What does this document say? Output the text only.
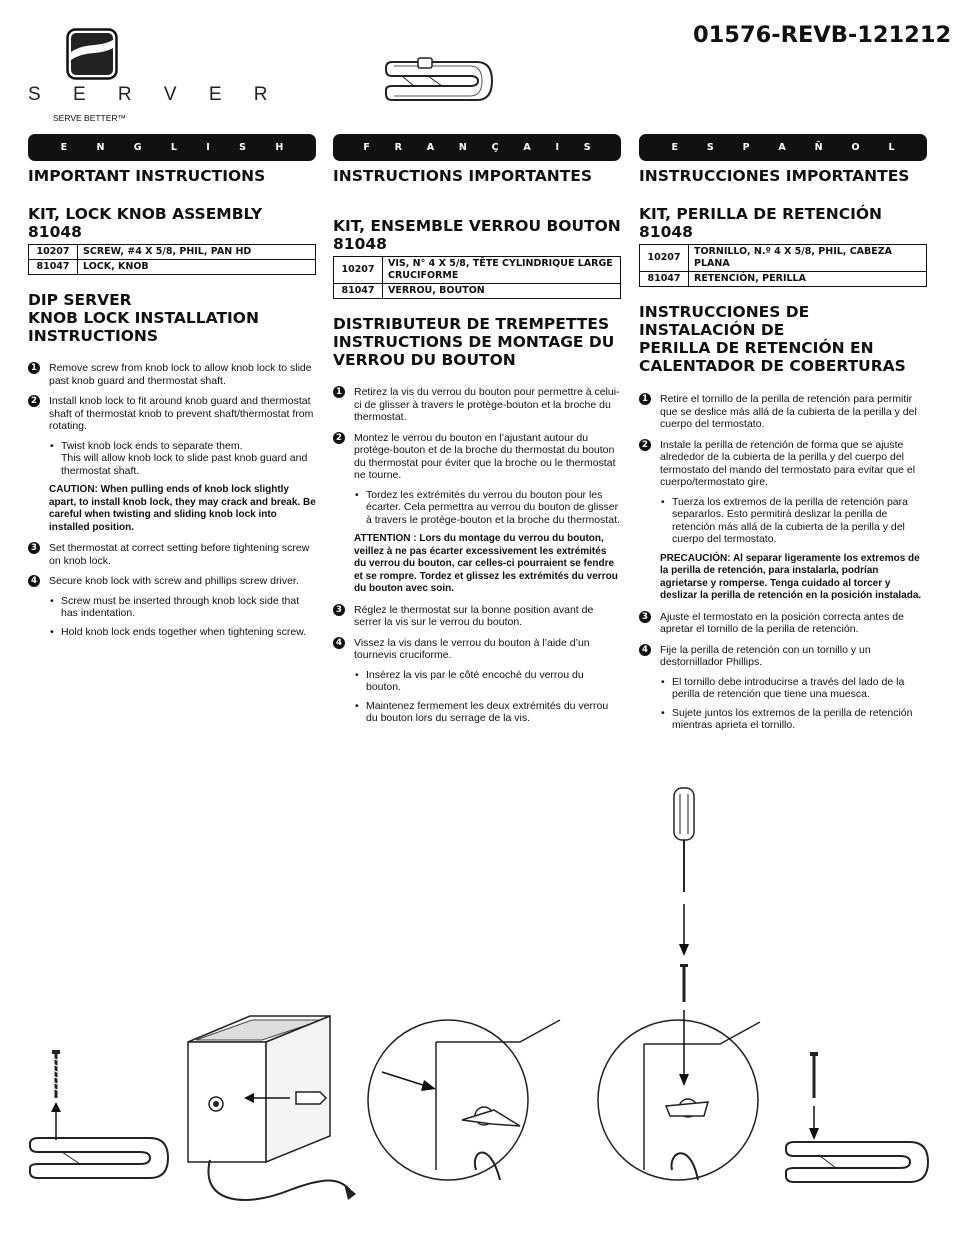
S E R V E R
SERVE BETTER™
01576-REVB-121212
E	N	G	L	I	S	H
IMPORTANT INSTRUCTIONS
KIT, LOCK KNOB ASSEMBLY
81048
10207	SCREW, #4 X 5/8, PHIL, PAN HD
81047	LOCK, KNOB
DIP SERVER
KNOB LOCK INSTALLATION
INSTRUCTIONS
1 Remove screw from knob lock to allow knob lock to slide past knob guard and thermostat shaft.
2 Install knob lock to fit around knob guard and thermostat shaft of thermostat knob to prevent shaft/thermostat from rotating.
• Twist knob lock ends to separate them.
This will allow knob lock to slide past knob guard and thermostat shaft.
CAUTION: When pulling ends of knob lock slightly apart, to install knob lock, they may crack and break. Be careful when twisting and sliding knob lock into installed position.
3 Set thermostat at correct setting before tightening screw on knob lock.
4 Secure knob lock with screw and phillips screw driver.
• Screw must be inserted through knob lock side that has indentation.
• Hold knob lock ends together when tightening screw.
F	R	A	N	Ç	A	I	S
INSTRUCTIONS IMPORTANTES
KIT, ENSEMBLE VERROU BOUTON
81048
10207	VIS, N° 4 X 5/8, TÊTE CYLINDRIQUE LARGE CRUCIFORME
81047	VERROU, BOUTON
DISTRIBUTEUR DE TREMPETTES
INSTRUCTIONS DE MONTAGE DU
VERROU DU BOUTON
1 Retirez la vis du verrou du bouton pour permettre à celui-ci de glisser à travers le protège-bouton et la broche du thermostat.
2 Montez le verrou du bouton en l’ajustant autour du protège-bouton et de la broche du thermostat du bouton du thermostat pour éviter que la broche ou le thermostat ne tourne.
• Tordez les extrémités du verrou du bouton pour les écarter. Cela permettra au verrou du bouton de glisser à travers le protège-bouton et la broche du thermostat.
ATTENTION : Lors du montage du verrou du bouton, veillez à ne pas écarter excessivement les extrémités du verrou du bouton, car celles-ci pourraient se fendre et se rompre. Tordez et glissez les extrémités du verrou du bouton avec soin.
3 Réglez le thermostat sur la bonne position avant de serrer la vis sur le verrou du bouton.
4 Vissez la vis dans le verrou du bouton à l’aide d’un tournevis cruciforme.
• Insérez la vis par le côté encoché du verrou du bouton.
• Maintenez fermement les deux extrémités du verrou du bouton lors du serrage de la vis.
E	S	P	A	Ñ	O	L
INSTRUCCIONES IMPORTANTES
KIT, PERILLA DE RETENCIÓN
81048
10207	TORNILLO, N.º 4 X 5/8, PHIL, CABEZA PLANA
81047	RETENCIÓN, PERILLA
INSTRUCCIONES DE
INSTALACIÓN DE
PERILLA DE RETENCIÓN EN
CALENTADOR DE COBERTURAS
1 Retire el tornillo de la perilla de retención para permitir que se deslice más allá de la cubierta de la perilla y del cuerpo del termostato.
2 Instale la perilla de retención de forma que se ajuste alrededor de la cubierta de la perilla y del cuerpo del termostato del mando del termostato para evitar que el cuerpo/termostato gire.
• Tuerza los extremos de la perilla de retención para separarlos. Esto permitirá deslizar la perilla de retención más allá de la cubierta de la perilla y del cuerpo del termostato.
PRECAUCIÓN: Al separar ligeramente los extremos de la perilla de retención, para instalarla, podrían agrietarse y romperse. Tenga cuidado al torcer y deslizar la perilla de retención en la posición instalada.
3 Ajuste el termostato en la posición correcta antes de apretar el tornillo de la perilla de retención.
4 Fije la perilla de retención con un tornillo y un destornillador Phillips.
• El tornillo debe introducirse a través del lado de la perilla de retención que tiene una muesca.
• Sujete juntos los extremos de la perilla de retención mientras aprieta el tornillo.
